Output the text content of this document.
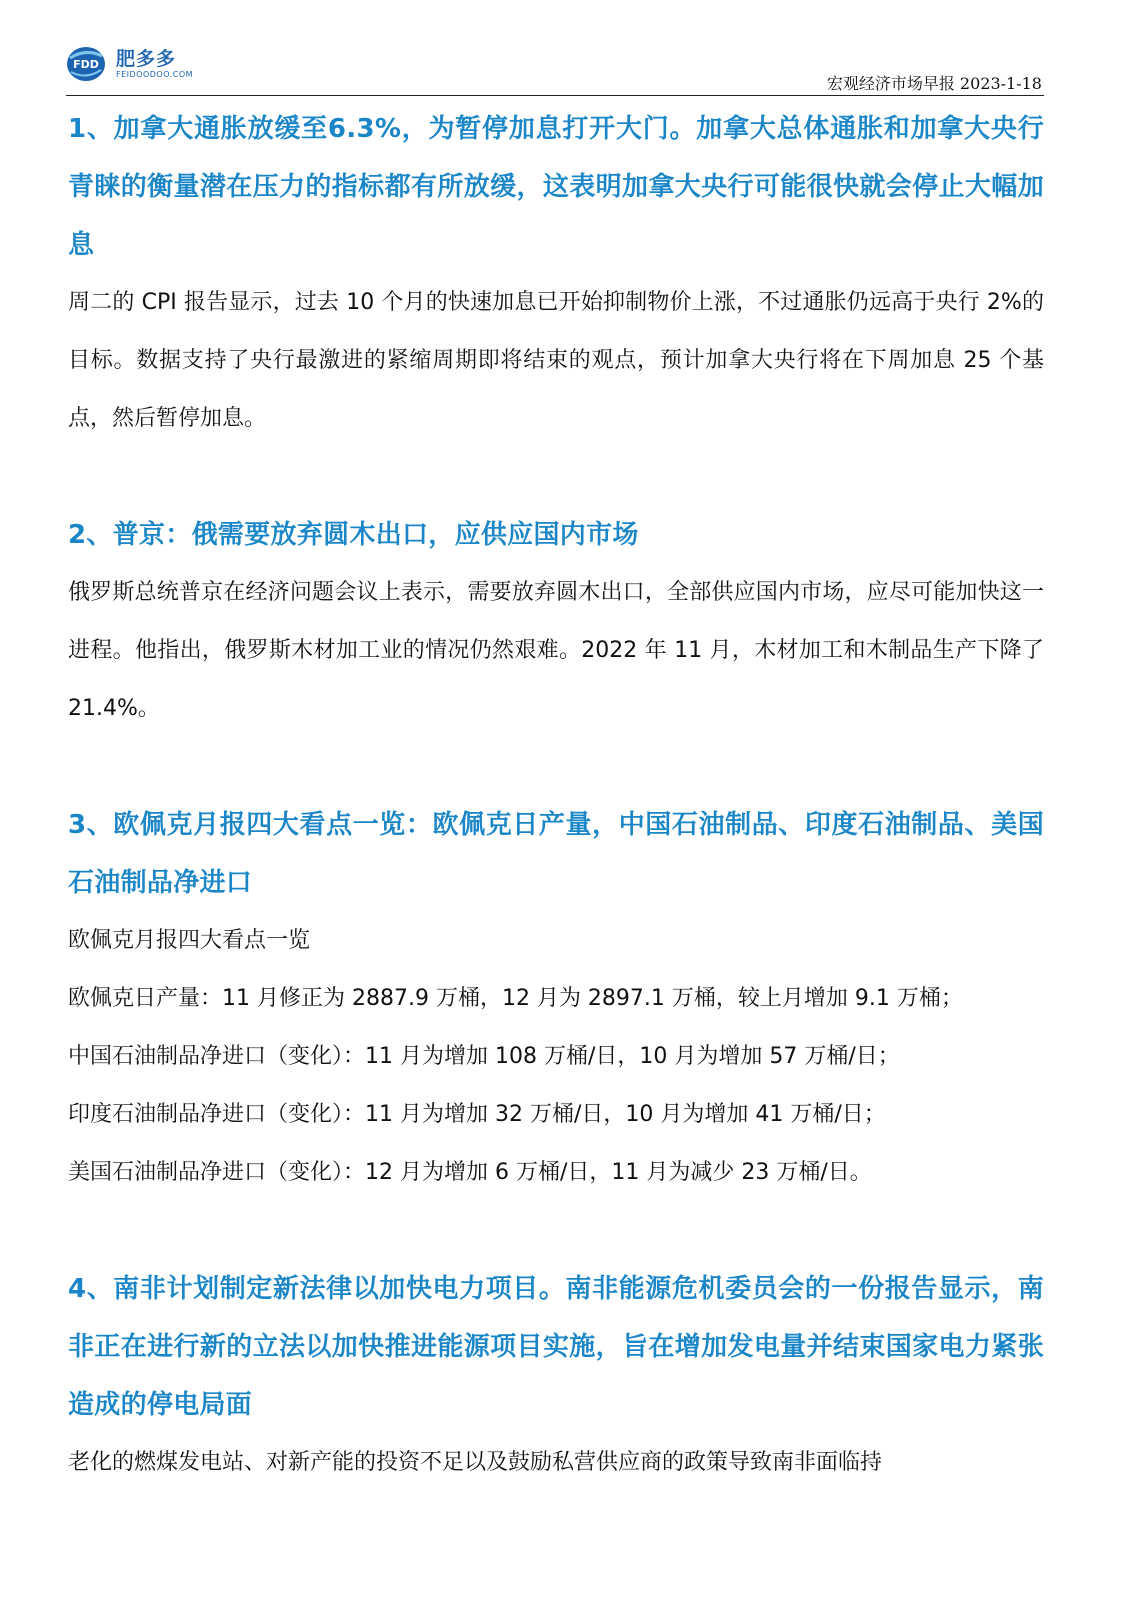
FDD 肥多多
FEIDOODOO.COM	宏观经济市场早报 2023-1-18

1、加拿大通胀放缓至6.3%，为暂停加息打开大门。加拿大总体通胀和加拿大央行青睐的衡量潜在压力的指标都有所放缓，这表明加拿大央行可能很快就会停止大幅加息

周二的 CPI 报告显示，过去 10 个月的快速加息已开始抑制物价上涨，不过通胀仍远高于央行 2%的目标。数据支持了央行最激进的紧缩周期即将结束的观点，预计加拿大央行将在下周加息 25 个基点，然后暂停加息。

2、普京：俄需要放弃圆木出口，应供应国内市场

俄罗斯总统普京在经济问题会议上表示，需要放弃圆木出口，全部供应国内市场，应尽可能加快这一进程。他指出，俄罗斯木材加工业的情况仍然艰难。2022 年 11 月，木材加工和木制品生产下降了 21.4%。

3、欧佩克月报四大看点一览：欧佩克日产量，中国石油制品、印度石油制品、美国石油制品净进口

欧佩克月报四大看点一览

欧佩克日产量：11 月修正为 2887.9 万桶，12 月为 2897.1 万桶，较上月增加 9.1 万桶；

中国石油制品净进口（变化）：11 月为增加 108 万桶/日，10 月为增加 57 万桶/日；

印度石油制品净进口（变化）：11 月为增加 32 万桶/日，10 月为增加 41 万桶/日；

美国石油制品净进口（变化）：12 月为增加 6 万桶/日，11 月为减少 23 万桶/日。

4、南非计划制定新法律以加快电力项目。南非能源危机委员会的一份报告显示，南非正在进行新的立法以加快推进能源项目实施，旨在增加发电量并结束国家电力紧张造成的停电局面

老化的燃煤发电站、对新产能的投资不足以及鼓励私营供应商的政策导致南非面临持
